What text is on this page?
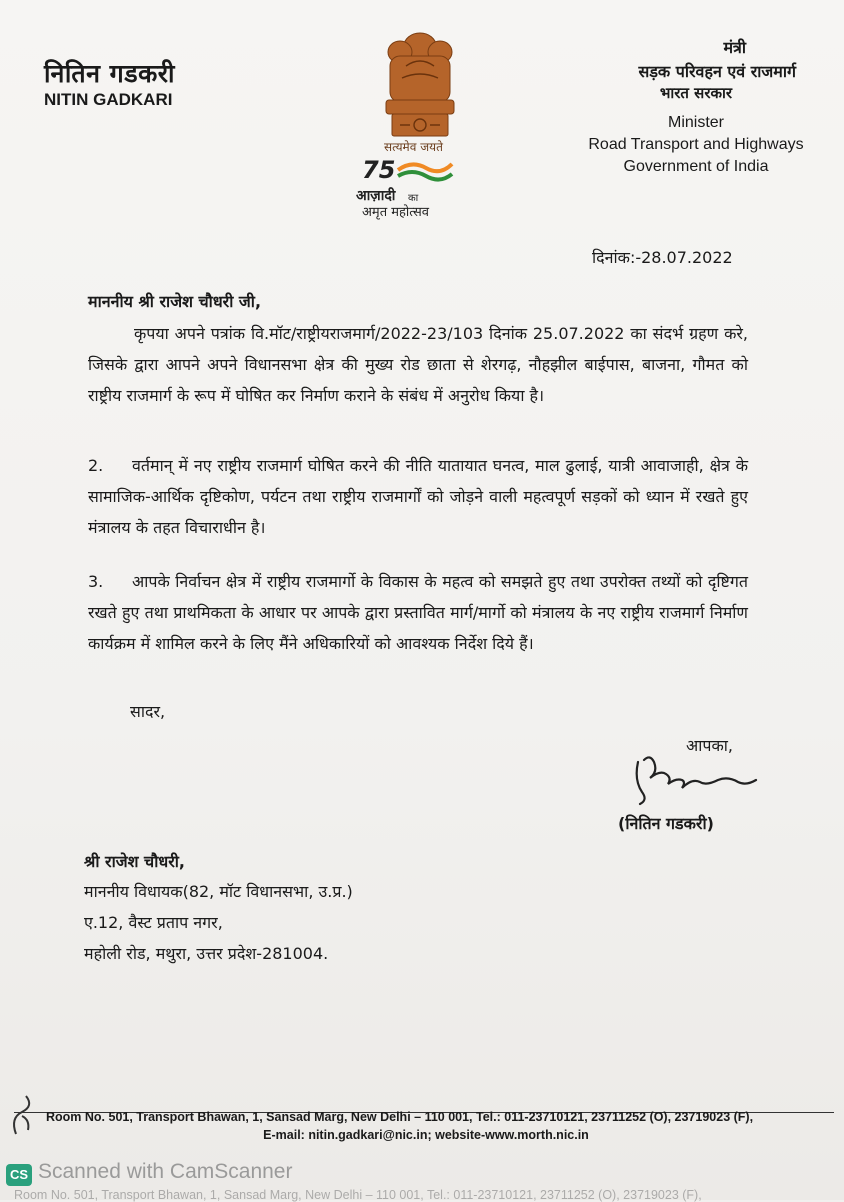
नितिन गडकरी
NITIN GADKARI
सत्यमेव जयते
75
आज़ादी का
अमृत महोत्सव
मंत्री
सड़क परिवहन एवं राजमार्ग
भारत सरकार
Minister
Road Transport and Highways
Government of India
दिनांक:-28.07.2022
माननीय श्री राजेश चौधरी जी,
कृपया अपने पत्रांक वि.मॉट/राष्ट्रीयराजमार्ग/2022-23/103 दिनांक 25.07.2022 का संदर्भ ग्रहण करे, जिसके द्वारा आपने अपने विधानसभा क्षेत्र की मुख्य रोड छाता से शेरगढ़, नौहझील बाईपास, बाजना, गौमत को राष्ट्रीय राजमार्ग के रूप में घोषित कर निर्माण कराने के संबंध में अनुरोध किया है।
2. वर्तमान् में नए राष्ट्रीय राजमार्ग घोषित करने की नीति यातायात घनत्व, माल ढुलाई, यात्री आवाजाही, क्षेत्र के सामाजिक-आर्थिक दृष्टिकोण, पर्यटन तथा राष्ट्रीय राजमार्गों को जोड़ने वाली महत्वपूर्ण सड़कों को ध्यान में रखते हुए मंत्रालय के तहत विचाराधीन है।
3. आपके निर्वाचन क्षेत्र में राष्ट्रीय राजमार्गो के विकास के महत्व को समझते हुए तथा उपरोक्त तथ्यों को दृष्टिगत रखते हुए तथा प्राथमिकता के आधार पर आपके द्वारा प्रस्तावित मार्ग/मार्गो को मंत्रालय के नए राष्ट्रीय राजमार्ग निर्माण कार्यक्रम में शामिल करने के लिए मैंने अधिकारियों को आवश्यक निर्देश दिये हैं।
सादर,
आपका,
(नितिन गडकरी)
श्री राजेश चौधरी,
माननीय विधायक(82, मॉट विधानसभा, उ.प्र.)
ए.12, वैस्ट प्रताप नगर,
महोली रोड, मथुरा, उत्तर प्रदेश-281004.
Room No. 501, Transport Bhawan, 1, Sansad Marg, New Delhi – 110 001, Tel.: 011-23710121, 23711252 (O), 23719023 (F),
E-mail: nitin.gadkari@nic.in; website-www.morth.nic.in
CS Scanned with CamScanner
Room No. 501, Transport Bhawan, 1, Sansad Marg, New Delhi – 110 001, Tel.: 011-23710121, 23711252 (O), 23719023 (F),
